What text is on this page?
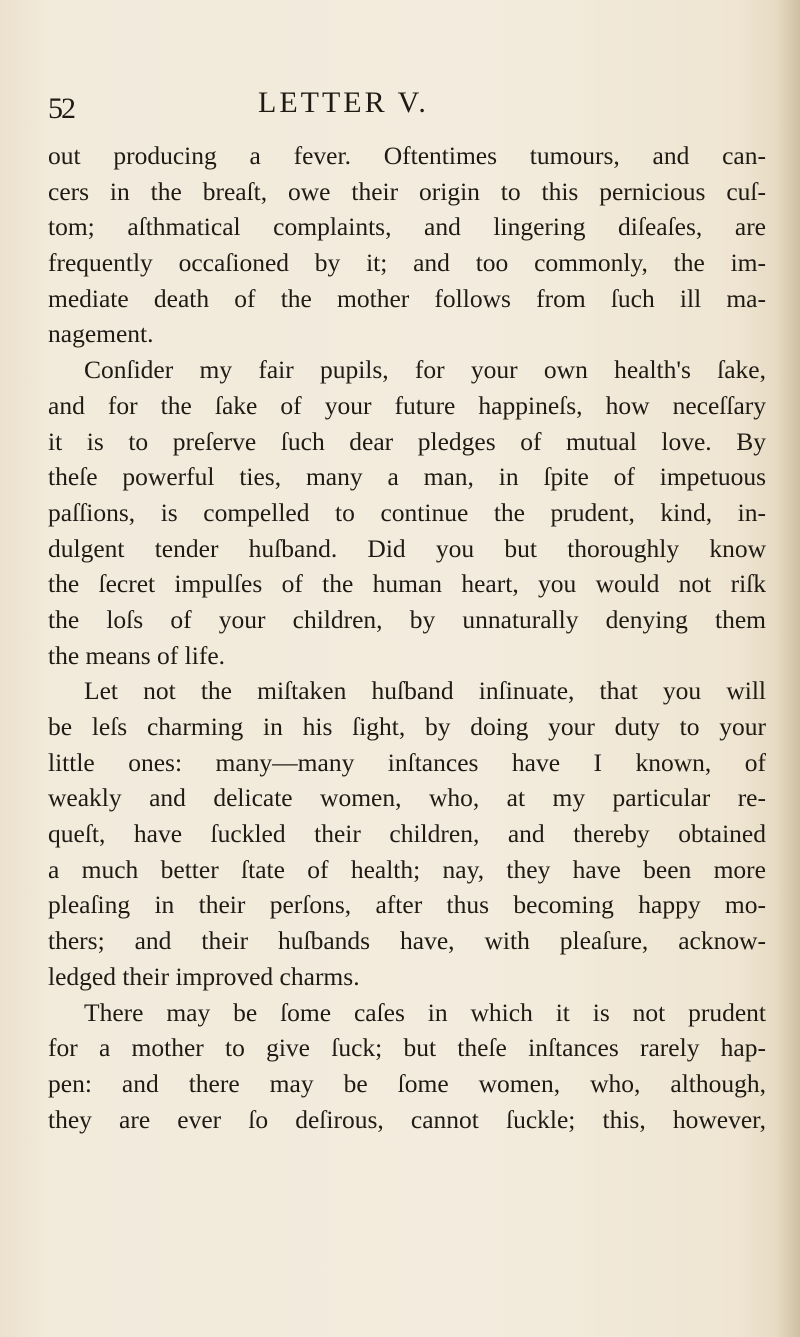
52	LETTER V.
out producing a fever. Oftentimes tumours, and can-
cers in the breaſt, owe their origin to this pernicious cuſ-
tom; aſthmatical complaints, and lingering diſeaſes, are
frequently occaſioned by it; and too commonly, the im-
mediate death of the mother follows from ſuch ill ma-
nagement.
Conſider my fair pupils, for your own health's ſake,
and for the ſake of your future happineſs, how neceſſary
it is to preſerve ſuch dear pledges of mutual love. By
theſe powerful ties, many a man, in ſpite of impetuous
paſſions, is compelled to continue the prudent, kind, in-
dulgent tender huſband. Did you but thoroughly know
the ſecret impulſes of the human heart, you would not riſk
the loſs of your children, by unnaturally denying them
the means of life.
Let not the miſtaken huſband inſinuate, that you will
be leſs charming in his ſight, by doing your duty to your
little ones: many—many inſtances have I known, of
weakly and delicate women, who, at my particular re-
queſt, have ſuckled their children, and thereby obtained
a much better ſtate of health; nay, they have been more
pleaſing in their perſons, after thus becoming happy mo-
thers; and their huſbands have, with pleaſure, acknow-
ledged their improved charms.
There may be ſome caſes in which it is not prudent
for a mother to give ſuck; but theſe inſtances rarely hap-
pen: and there may be ſome women, who, although,
they are ever ſo deſirous, cannot ſuckle; this, however,
